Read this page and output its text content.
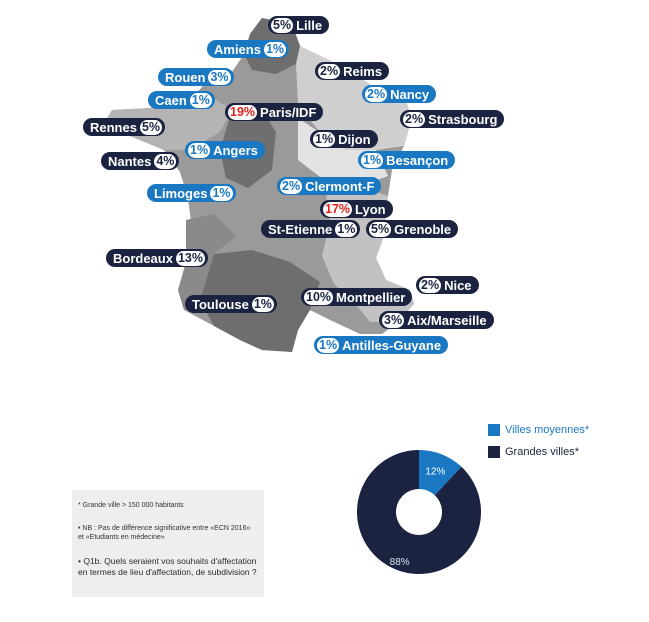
5% Lille
Amiens 1%
Rouen 3%	2% Reims
Caen 1%	2% Nancy
19% Paris/IDF	2% Strasbourg
Rennes 5%
1% Dijon
1% Angers
Nantes 4%	1% Besançon
2% Clermont-F
Limoges 1%
17% Lyon
St-Etienne 1% 5% Grenoble
Bordeaux 13%
2% Nice
Toulouse 1%	10% Montpellier
3% Aix/Marseille
1% Antilles-Guyane
* Grande ville > 150 000 habitants
• NB : Pas de différence significative entre «ECN 2016» et «Etudiants en médecine»
• Q1b. Quels seraient vos souhaits d'affectation en termes de lieu d'affectation, de subdivision ?
12%
88%
Villes moyennes*
Grandes villes*
